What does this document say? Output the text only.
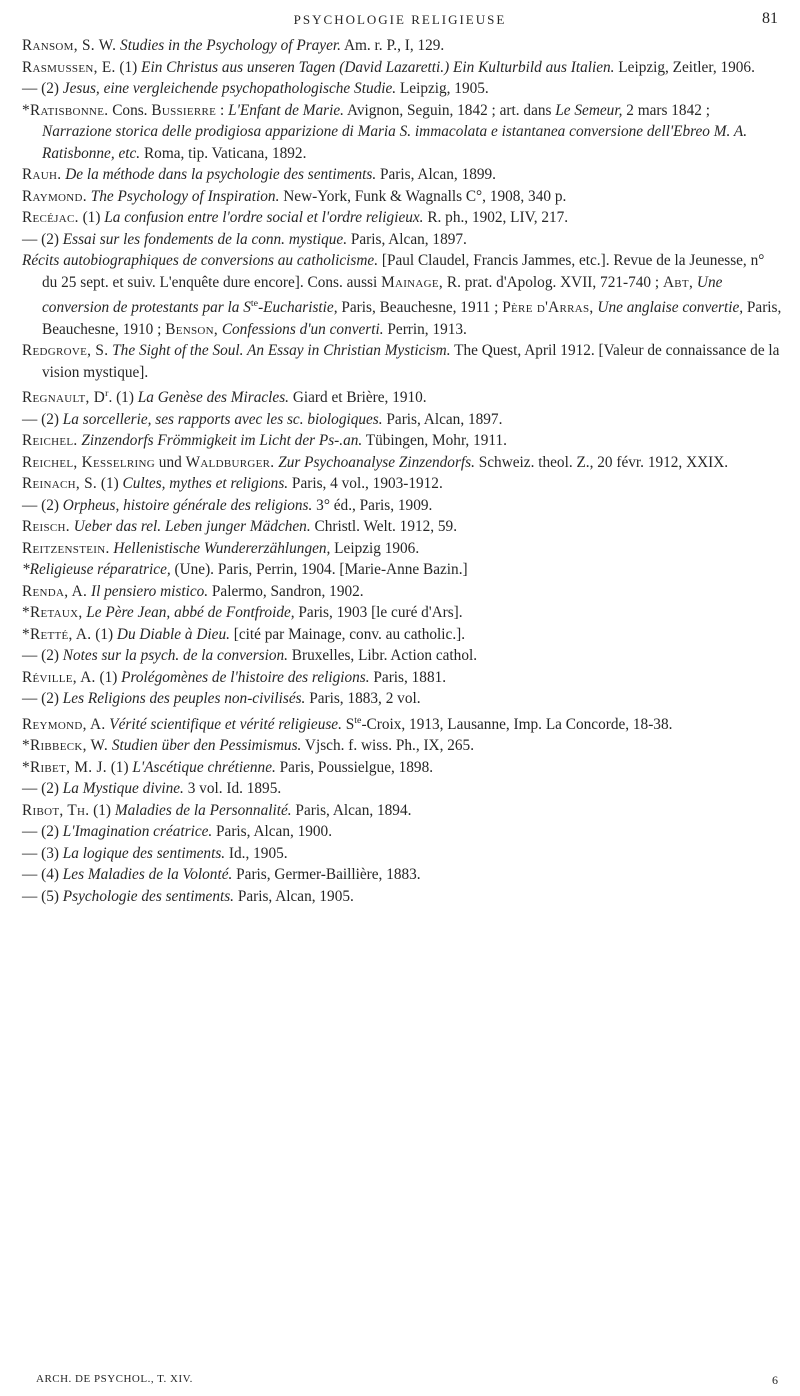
PSYCHOLOGIE RELIGIEUSE	81

Ransom, S. W. Studies in the Psychology of Prayer. Am. r. P., I, 129.

Rasmussen, E. (1) Ein Christus aus unseren Tagen (David Lazaretti.) Ein Kulturbild aus Italien. Leipzig, Zeitler, 1906.

— (2) Jesus, eine vergleichende psychopathologische Studie. Leipzig, 1905.

*Ratisbonne. Cons. Bussierre : L'Enfant de Marie. Avignon, Seguin, 1842 ; art. dans Le Semeur, 2 mars 1842 ; Narrazione storica delle prodigiosa apparizione di Maria S. immacolata e istantanea conversione dell'Ebreo M. A. Ratisbonne, etc. Roma, tip. Vaticana, 1892.

Rauh. De la méthode dans la psychologie des sentiments. Paris, Alcan, 1899.

Raymond. The Psychology of Inspiration. New-York, Funk & Wagnalls C°, 1908, 340 p.

Recéjac. (1) La confusion entre l'ordre social et l'ordre religieux. R. ph., 1902, LIV, 217.

— (2) Essai sur les fondements de la conn. mystique. Paris, Alcan, 1897.

Récits autobiographiques de conversions au catholicisme. [Paul Claudel, Francis Jammes, etc.]. Revue de la Jeunesse, n° du 25 sept. et suiv. L'enquête dure encore]. Cons. aussi Mainage, R. prat. d'Apolog. XVII, 721-740 ; Abt, Une conversion de protestants par la $S^{te}$-Eucharistie, Paris, Beauchesne, 1911 ; Père d'Arras, Une anglaise convertie, Paris, Beauchesne, 1910 ; Benson, Confessions d'un converti. Perrin, 1913.

Redgrove, S. The Sight of the Soul. An Essay in Christian Mysticism. The Quest, April 1912. [Valeur de connaissance de la vision mystique].

Regnault, $D^r$. (1) La Genèse des Miracles. Giard et Brière, 1910.

— (2) La sorcellerie, ses rapports avec les sc. biologiques. Paris, Alcan, 1897.

Reichel. Zinzendorfs Frömmigkeit im Licht der Ps-.an. Tübingen, Mohr, 1911.

Reichel, Kesselring und Waldburger. Zur Psychoanalyse Zinzendorfs. Schweiz. theol. Z., 20 févr. 1912, XXIX.

Reinach, S. (1) Cultes, mythes et religions. Paris, 4 vol., 1903-1912.

— (2) Orpheus, histoire générale des religions. 3° éd., Paris, 1909.

Reisch. Ueber das rel. Leben junger Mädchen. Christl. Welt. 1912, 59.

Reitzenstein. Hellenistische Wundererzählungen, Leipzig 1906.

*Religieuse réparatrice, (Une). Paris, Perrin, 1904. [Marie-Anne Bazin.]

Renda, A. Il pensiero mistico. Palermo, Sandron, 1902.

*Retaux, Le Père Jean, abbé de Fontfroide, Paris, 1903 [le curé d'Ars].

*Retté, A. (1) Du Diable à Dieu. [cité par Mainage, conv. au catholic.].

— (2) Notes sur la psych. de la conversion. Bruxelles, Libr. Action cathol.

Réville, A. (1) Prolégomènes de l'histoire des religions. Paris, 1881.

— (2) Les Religions des peuples non-civilisés. Paris, 1883, 2 vol.

Reymond, A. Vérité scientifique et vérité religieuse. $S^{te}$-Croix, 1913, Lausanne, Imp. La Concorde, 18-38.

*Ribbeck, W. Studien über den Pessimismus. Vjsch. f. wiss. Ph., IX, 265.

*Ribet, M. J. (1) L'Ascétique chrétienne. Paris, Poussielgue, 1898.

— (2) La Mystique divine. 3 vol. Id. 1895.

Ribot, Th. (1) Maladies de la Personnalité. Paris, Alcan, 1894.

— (2) L'Imagination créatrice. Paris, Alcan, 1900.

— (3) La logique des sentiments. Id., 1905.

— (4) Les Maladies de la Volonté. Paris, Germer-Baillière, 1883.

— (5) Psychologie des sentiments. Paris, Alcan, 1905.

ARCH. DE PSYCHOL., T. XIV.	6
